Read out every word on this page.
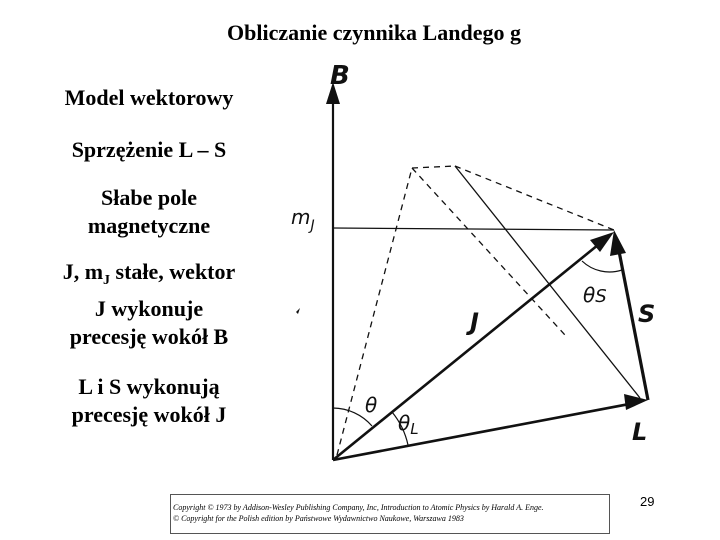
Obliczanie czynnika Landego g

Model wektorowy

Sprzężenie L – S

Słabe pole
magnetyczne

J, $m_J$ stałe, wektor
J wykonuje
precesję wokół B

L i S wykonują
precesję wokół J

B
$m_J$
J	S
L
θ
θS
$\theta_L$
Copyright © 1973 by Addison-Wesley Publishing Company, Inc, Introduction to Atomic Physics by Harald A. Enge.
© Copyright for the Polish edition by Państwowe Wydawnictwo Naukowe, Warszawa 1983
29
